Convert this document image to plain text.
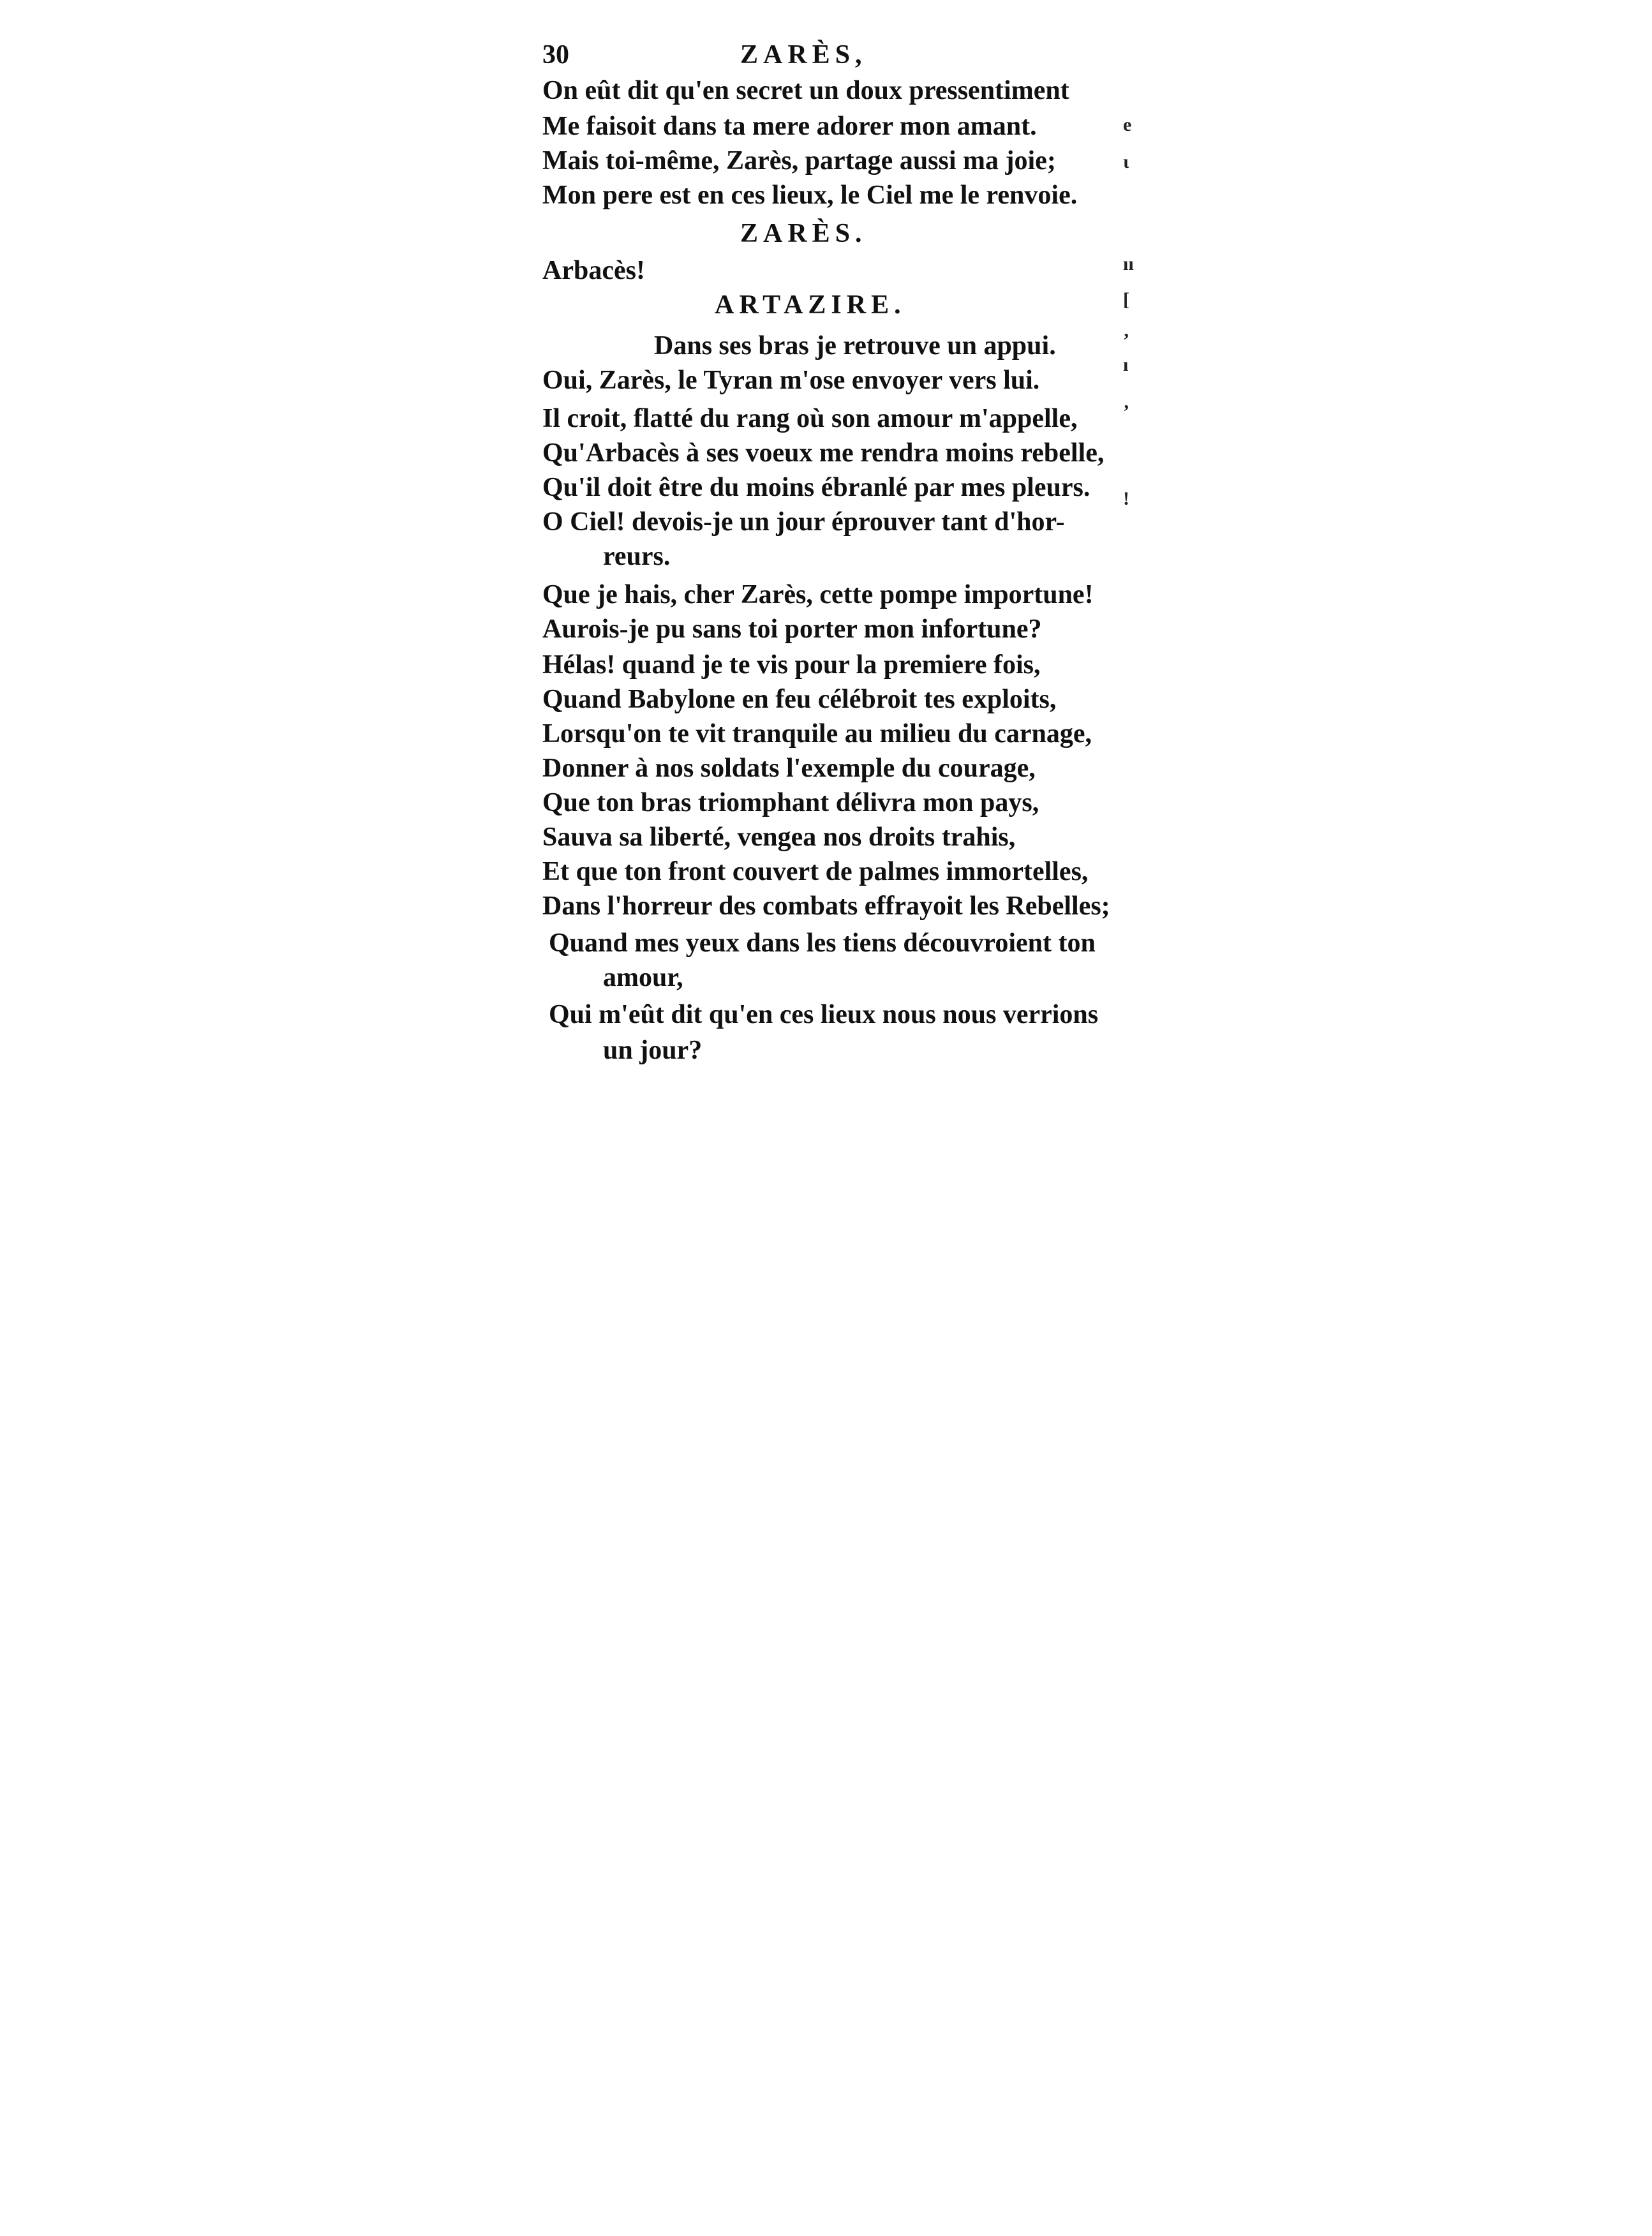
30	ZARÈS,
On eût dit qu'en secret un doux pressentiment
Me faisoit dans ta mere adorer mon amant.
Mais toi-même, Zarès, partage aussi ma joie;
Mon pere est en ces lieux, le Ciel me le renvoie.
ZARÈS.
Arbacès!
ARTAZIRE.
Dans ses bras je retrouve un appui.
Oui, Zarès, le Tyran m'ose envoyer vers lui.
Il croit, flatté du rang où son amour m'appelle,
Qu'Arbacès à ses voeux me rendra moins rebelle,
Qu'il doit être du moins ébranlé par mes pleurs.
O Ciel! devois-je un jour éprouver tant d'hor-
reurs.
Que je hais, cher Zarès, cette pompe importune!
Aurois-je pu sans toi porter mon infortune?
Hélas! quand je te vis pour la premiere fois,
Quand Babylone en feu célébroit tes exploits,
Lorsqu'on te vit tranquile au milieu du carnage,
Donner à nos soldats l'exemple du courage,
Que ton bras triomphant délivra mon pays,
Sauva sa liberté, vengea nos droits trahis,
Et que ton front couvert de palmes immortelles,
Dans l'horreur des combats effrayoit les Rebelles;
Quand mes yeux dans les tiens découvroient ton
amour,
Qui m'eût dit qu'en ces lieux nous nous verrions
un jour?
e
ɩ
ıı
[
ʼ
ı
ʼ
!
